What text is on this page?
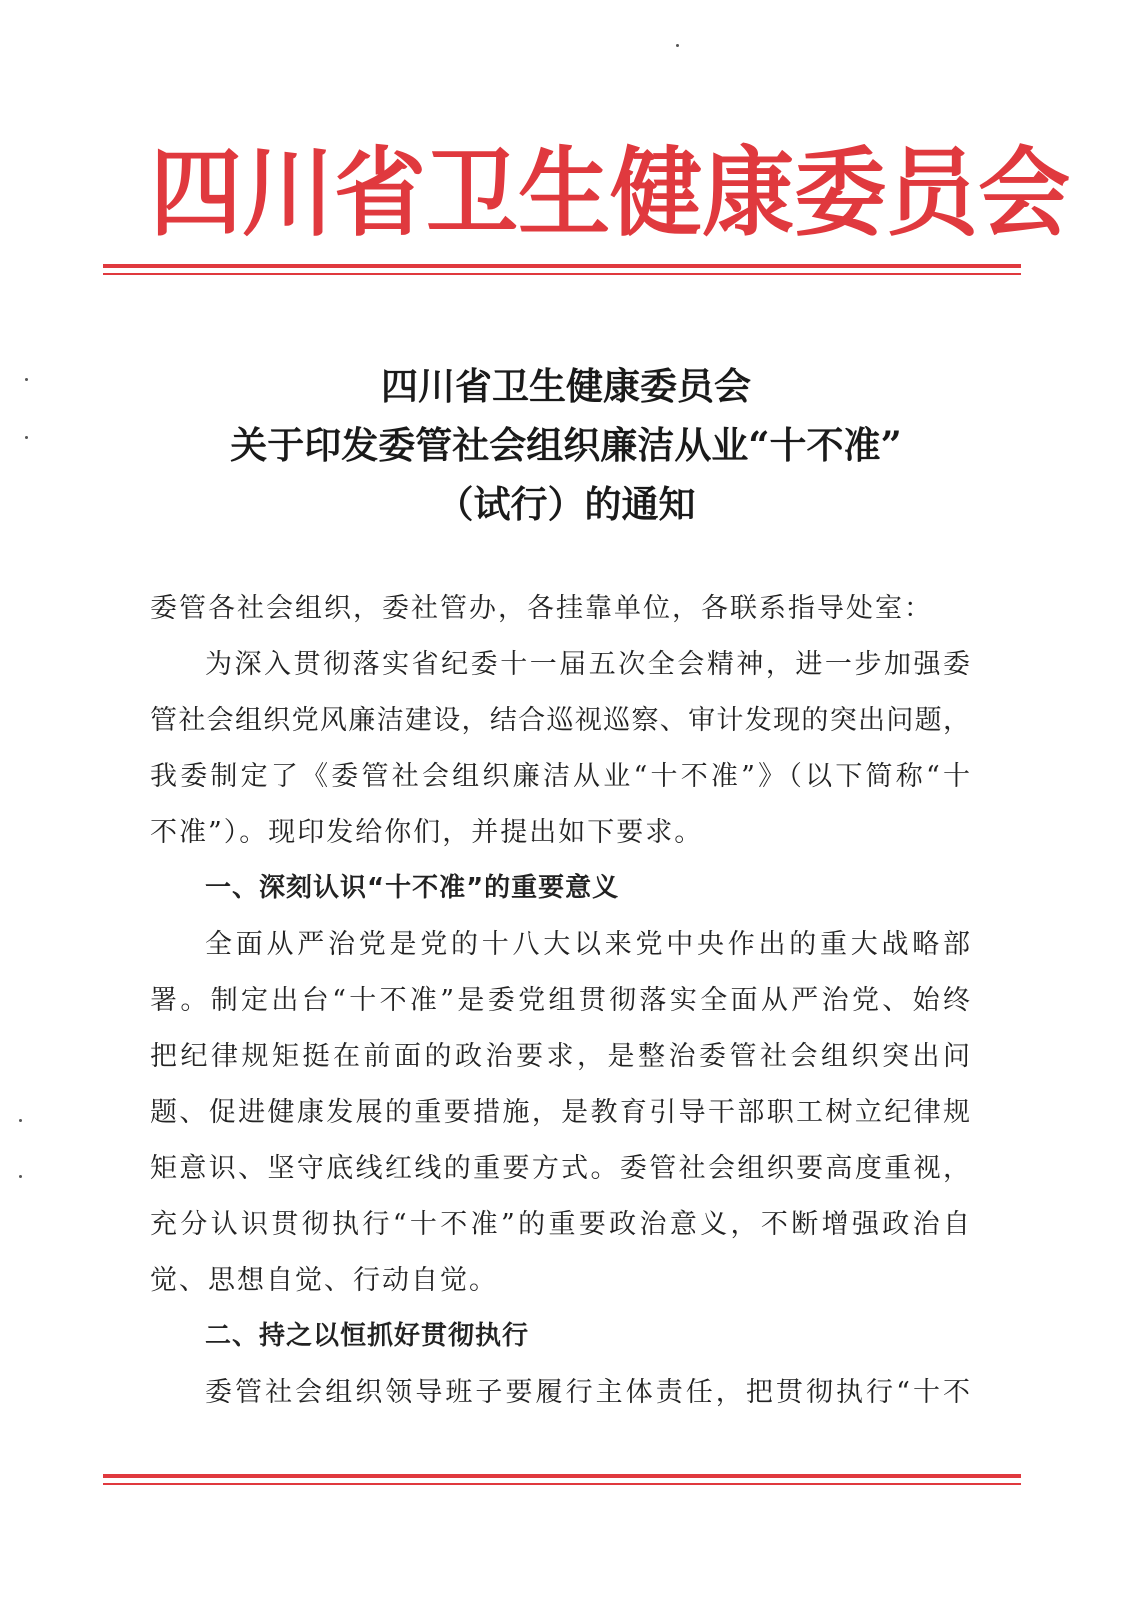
四 川 省 卫 生 健 康 委 员 会
四川省卫生健康委员会
关于印发委管社会组织廉洁从业“十不准”
（试行）的通知
委管各社会组织，委社管办，各挂靠单位，各联系指导处室：
为深入贯彻落实省纪委十一届五次全会精神，进一步加强委
管社会组织党风廉洁建设，结合巡视巡察、审计发现的突出问题，
我委制定了《委管社会组织廉洁从业“十不准”》（以下简称“十
不准”）。现印发给你们，并提出如下要求。
一、深刻认识“十不准”的重要意义
全面从严治党是党的十八大以来党中央作出的重大战略部
署。制定出台“十不准”是委党组贯彻落实全面从严治党、始终
把纪律规矩挺在前面的政治要求，是整治委管社会组织突出问
题、促进健康发展的重要措施，是教育引导干部职工树立纪律规
矩意识、坚守底线红线的重要方式。委管社会组织要高度重视，
充分认识贯彻执行“十不准”的重要政治意义，不断增强政治自
觉、思想自觉、行动自觉。
二、持之以恒抓好贯彻执行
委管社会组织领导班子要履行主体责任，把贯彻执行“十不
